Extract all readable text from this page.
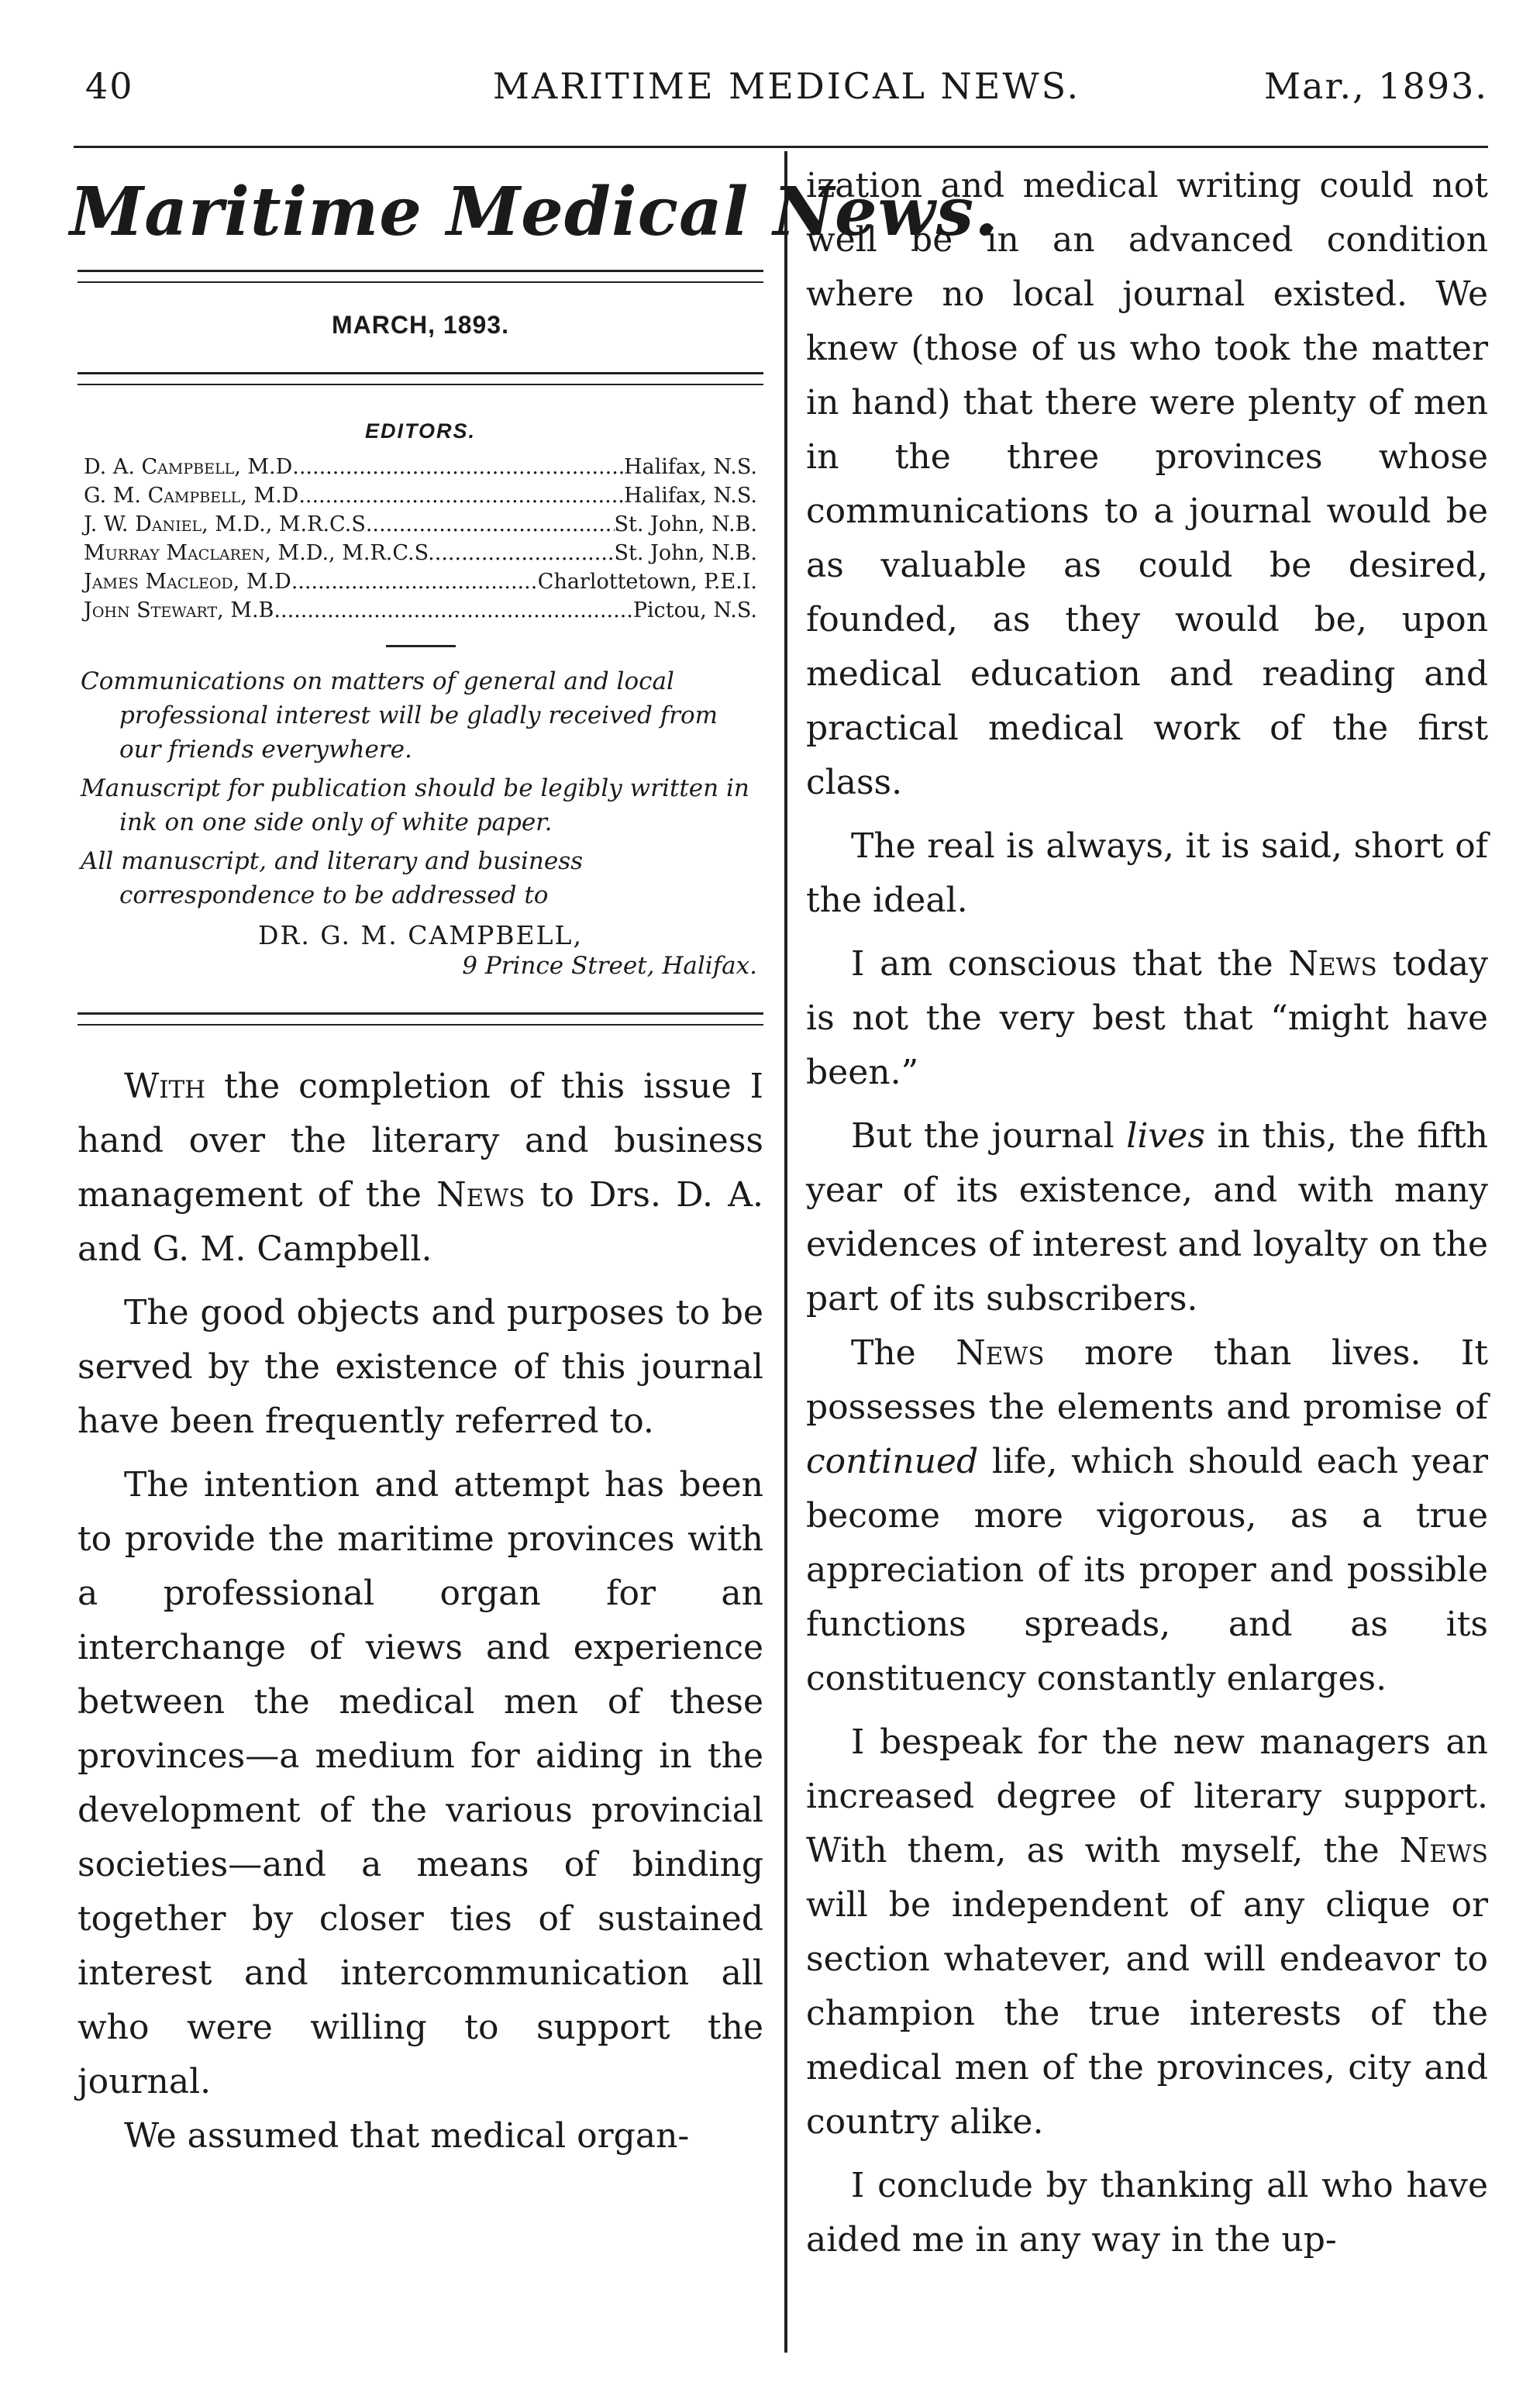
40	MARITIME MEDICAL NEWS.	Mar., 1893.
Maritime Medical News.
MARCH, 1893.
EDITORS.
D. A. Campbell, M.D .....	Halifax, N.S.
G. M. Campbell, M.D .....	Halifax, N.S.
J. W. Daniel, M.D., M.R.C.S .....	St. John, N.B.
Murray Maclaren, M.D., M.R.C.S. .....	St. John, N.B.
James Macleod, M.D .....	Charlottetown, P.E.I.
John Stewart, M.B .....	Pictou, N.S.

Communications on matters of general and local professional interest will be gladly received from our friends everywhere.

Manuscript for publication should be legibly written in ink on one side only of white paper.

All manuscript, and literary and business correspondence to be addressed to

DR. G. M. CAMPBELL,
9 Prince Street, Halifax.

With the completion of this issue I hand over the literary and business management of the News to Drs. D. A. and G. M. Campbell.

The good objects and purposes to be served by the existence of this journal have been frequently referred to.

The intention and attempt has been to provide the maritime provinces with a professional organ for an interchange of views and experience between the medical men of these provinces—a medium for aiding in the development of the various provincial societies—and a means of binding together by closer ties of sustained interest and intercommunication all who were willing to support the journal.

We assumed that medical organ-

ization and medical writing could not well be in an advanced condition where no local journal existed. We knew (those of us who took the matter in hand) that there were plenty of men in the three provinces whose communications to a journal would be as valuable as could be desired, founded, as they would be, upon medical education and reading and practical medical work of the first class.

The real is always, it is said, short of the ideal.

I am conscious that the News today is not the very best that “might have been.”

But the journal lives in this, the fifth year of its existence, and with many evidences of interest and loyalty on the part of its subscribers.

The News more than lives. It possesses the elements and promise of continued life, which should each year become more vigorous, as a true appreciation of its proper and possible functions spreads, and as its constituency constantly enlarges.

I bespeak for the new managers an increased degree of literary support. With them, as with myself, the News will be independent of any clique or section whatever, and will endeavor to champion the true interests of the medical men of the provinces, city and country alike.

I conclude by thanking all who have aided me in any way in the up-
